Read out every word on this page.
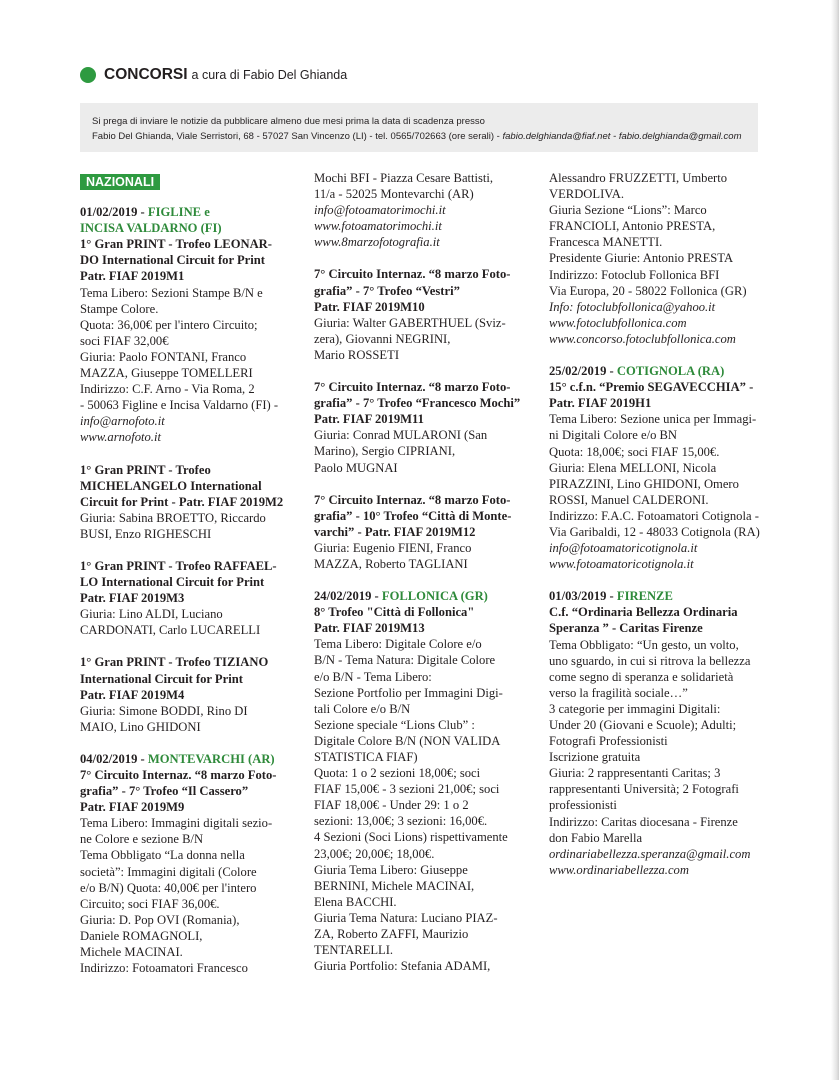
CONCORSI a cura di Fabio Del Ghianda
Si prega di inviare le notizie da pubblicare almeno due mesi prima la data di scadenza presso
Fabio Del Ghianda, Viale Serristori, 68 - 57027 San Vincenzo (LI) - tel. 0565/702663 (ore serali) - fabio.delghianda@fiaf.net - fabio.delghianda@gmail.com
NAZIONALI
01/02/2019 - FIGLINE e
INCISA VALDARNO (FI)
1° Gran PRINT - Trofeo LEONAR-
DO International Circuit for Print
Patr. FIAF 2019M1
Tema Libero: Sezioni Stampe B/N e
Stampe Colore.
Quota: 36,00€ per l'intero Circuito;
soci FIAF 32,00€
Giuria: Paolo FONTANI, Franco
MAZZA, Giuseppe TOMELLERI
Indirizzo: C.F. Arno - Via Roma, 2
- 50063 Figline e Incisa Valdarno (FI) -
info@arnofoto.it
www.arnofoto.it
1° Gran PRINT - Trofeo
MICHELANGELO International
Circuit for Print - Patr. FIAF 2019M2
Giuria: Sabina BROETTO, Riccardo
BUSI, Enzo RIGHESCHI
1° Gran PRINT - Trofeo RAFFAEL-
LO International Circuit for Print
Patr. FIAF 2019M3
Giuria: Lino ALDI, Luciano
CARDONATI, Carlo LUCARELLI
1° Gran PRINT - Trofeo TIZIANO
International Circuit for Print
Patr. FIAF 2019M4
Giuria: Simone BODDI, Rino DI
MAIO, Lino GHIDONI
04/02/2019 - MONTEVARCHI (AR)
7° Circuito Internaz. “8 marzo Foto-
grafia” - 7° Trofeo “Il Cassero”
Patr. FIAF 2019M9
Tema Libero: Immagini digitali sezio-
ne Colore e sezione B/N
Tema Obbligato “La donna nella
società”: Immagini digitali (Colore
e/o B/N) Quota: 40,00€ per l'intero
Circuito; soci FIAF 36,00€.
Giuria: D. Pop OVI (Romania),
Daniele ROMAGNOLI,
Michele MACINAI.
Indirizzo: Fotoamatori Francesco
Mochi BFI - Piazza Cesare Battisti,
11/a - 52025 Montevarchi (AR)
info@fotoamatorimochi.it
www.fotoamatorimochi.it
www.8marzofotografia.it
7° Circuito Internaz. “8 marzo Foto-
grafia” - 7° Trofeo “Vestri”
Patr. FIAF 2019M10
Giuria: Walter GABERTHUEL (Sviz-
zera), Giovanni NEGRINI,
Mario ROSSETI
7° Circuito Internaz. “8 marzo Foto-
grafia” - 7° Trofeo “Francesco Mochi”
Patr. FIAF 2019M11
Giuria: Conrad MULARONI (San
Marino), Sergio CIPRIANI,
Paolo MUGNAI
7° Circuito Internaz. “8 marzo Foto-
grafia” - 10° Trofeo “Città di Monte-
varchi” - Patr. FIAF 2019M12
Giuria: Eugenio FIENI, Franco
MAZZA, Roberto TAGLIANI
24/02/2019 - FOLLONICA (GR)
8° Trofeo "Città di Follonica"
Patr. FIAF 2019M13
Tema Libero: Digitale Colore e/o
B/N - Tema Natura: Digitale Colore
e/o B/N - Tema Libero:
Sezione Portfolio per Immagini Digi-
tali Colore e/o B/N
Sezione speciale “Lions Club” :
Digitale Colore B/N (NON VALIDA
STATISTICA FIAF)
Quota: 1 o 2 sezioni 18,00€; soci
FIAF 15,00€ - 3 sezioni 21,00€; soci
FIAF 18,00€ - Under 29: 1 o 2
sezioni: 13,00€; 3 sezioni: 16,00€.
4 Sezioni (Soci Lions) rispettivamente
23,00€; 20,00€; 18,00€.
Giuria Tema Libero: Giuseppe
BERNINI, Michele MACINAI,
Elena BACCHI.
Giuria Tema Natura: Luciano PIAZ-
ZA, Roberto ZAFFI, Maurizio
TENTARELLI.
Giuria Portfolio: Stefania ADAMI,
Alessandro FRUZZETTI, Umberto
VERDOLIVA.
Giuria Sezione “Lions”: Marco
FRANCIOLI, Antonio PRESTA,
Francesca MANETTI.
Presidente Giurie: Antonio PRESTA
Indirizzo: Fotoclub Follonica BFI
Via Europa, 20 - 58022 Follonica (GR)
Info: fotoclubfollonica@yahoo.it
www.fotoclubfollonica.com
www.concorso.fotoclubfollonica.com
25/02/2019 - COTIGNOLA (RA)
15° c.f.n. “Premio SEGAVECCHIA” -
Patr. FIAF 2019H1
Tema Libero: Sezione unica per Immagi-
ni Digitali Colore e/o BN
Quota: 18,00€; soci FIAF 15,00€.
Giuria: Elena MELLONI, Nicola
PIRAZZINI, Lino GHIDONI, Omero
ROSSI, Manuel CALDERONI.
Indirizzo: F.A.C. Fotoamatori Cotignola -
Via Garibaldi, 12 - 48033 Cotignola (RA)
info@fotoamatoricotignola.it
www.fotoamatoricotignola.it
01/03/2019 - FIRENZE
C.f. “Ordinaria Bellezza Ordinaria
Speranza ” - Caritas Firenze
Tema Obbligato: “Un gesto, un volto,
uno sguardo, in cui si ritrova la bellezza
come segno di speranza e solidarietà
verso la fragilità sociale…”
3 categorie per immagini Digitali:
Under 20 (Giovani e Scuole); Adulti;
Fotografi Professionisti
Iscrizione gratuita
Giuria: 2 rappresentanti Caritas; 3
rappresentanti Università; 2 Fotografi
professionisti
Indirizzo: Caritas diocesana - Firenze
don Fabio Marella
ordinariabellezza.speranza@gmail.com
www.ordinariabellezza.com
